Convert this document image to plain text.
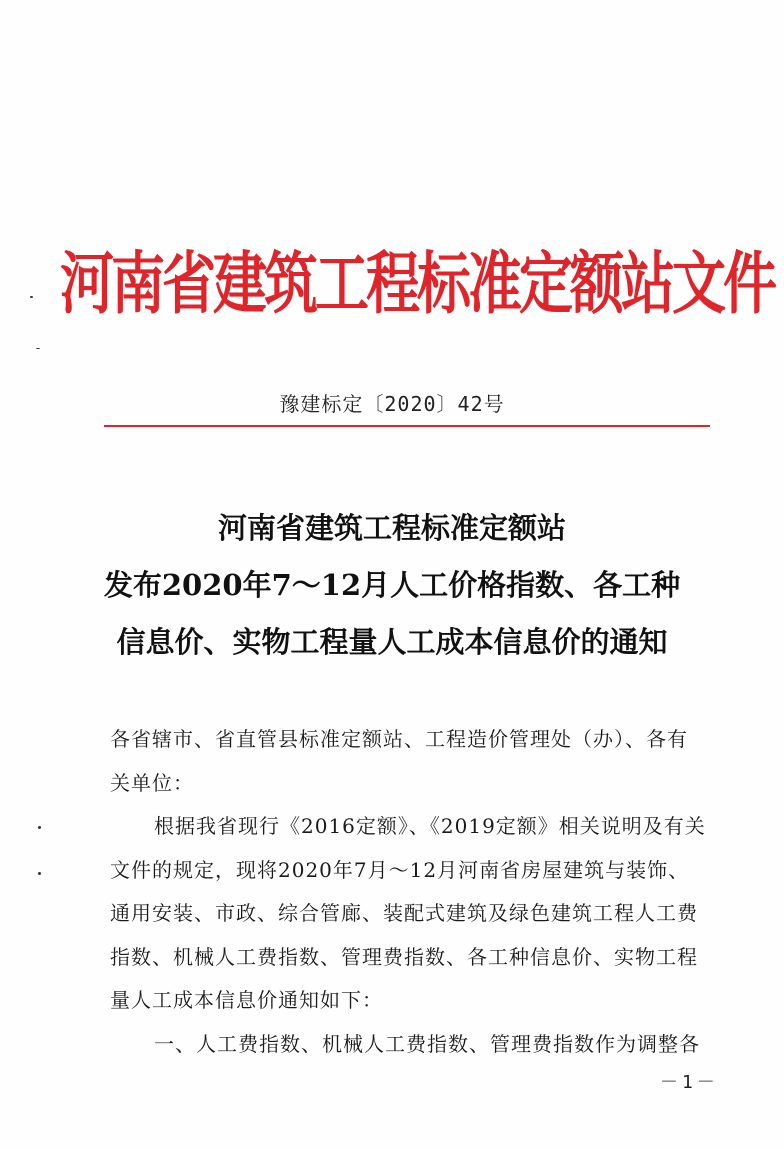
河南省建筑工程标准定额站文件
豫建标定〔2020〕42号
河南省建筑工程标准定额站
发布2020年7～12月人工价格指数、各工种
信息价、实物工程量人工成本信息价的通知
各省辖市、省直管县标准定额站、工程造价管理处（办）、各有
关单位：
根据我省现行《2016定额》、《2019定额》相关说明及有关
文件的规定，现将2020年7月～12月河南省房屋建筑与装饰、
通用安装、市政、综合管廊、装配式建筑及绿色建筑工程人工费
指数、机械人工费指数、管理费指数、各工种信息价、实物工程
量人工成本信息价通知如下：
一、人工费指数、机械人工费指数、管理费指数作为调整各
－1－
